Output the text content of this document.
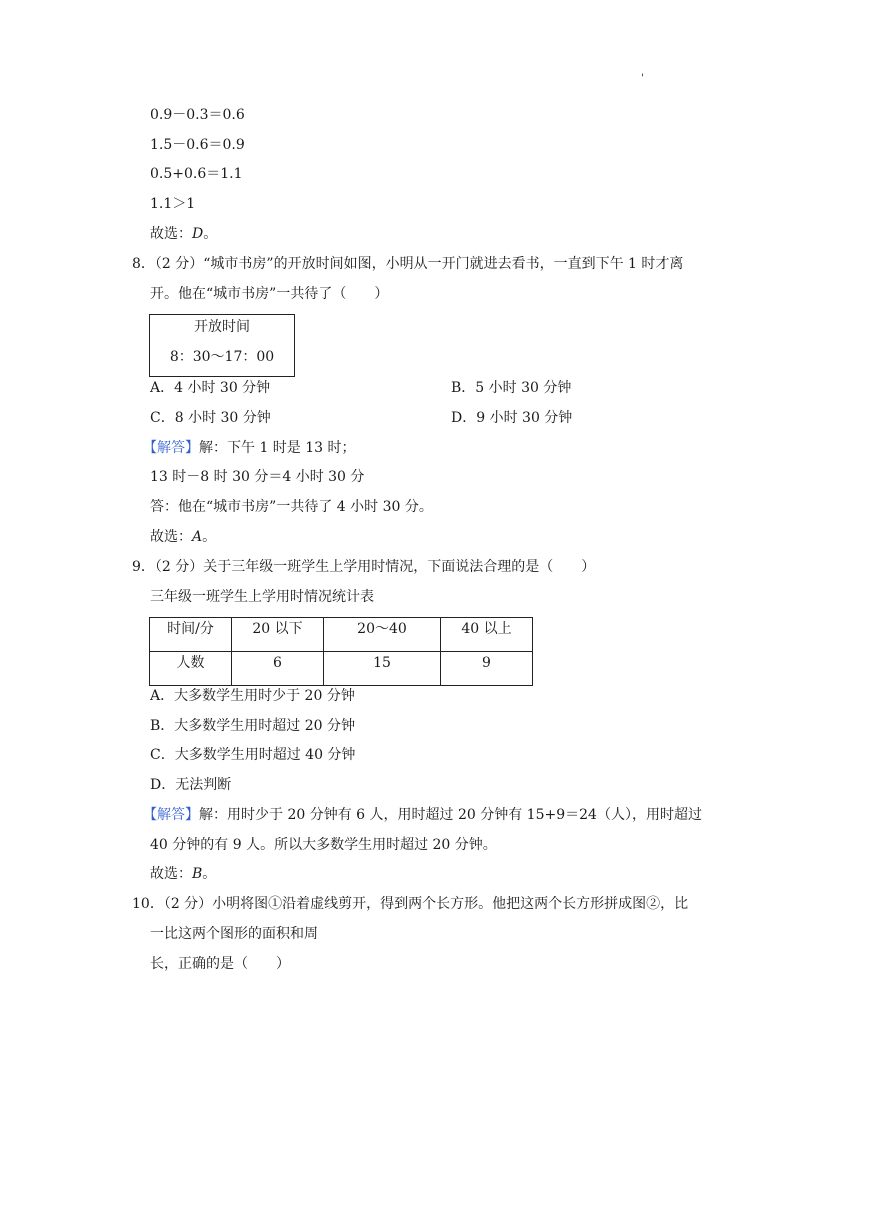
'
0.9－0.3＝0.6
1.5－0.6＝0.9
0.5+0.6＝1.1
1.1＞1
故选：D。
8．（2 分）“城市书房”的开放时间如图，小明从一开门就进去看书，一直到下午 1 时才离
开。他在“城市书房”一共待了（　　）
开放时间
8：30～17：00
A．4 小时 30 分钟	B．5 小时 30 分钟
C．8 小时 30 分钟	D．9 小时 30 分钟
【解答】解：下午 1 时是 13 时；
13 时－8 时 30 分＝4 小时 30 分
答：他在“城市书房”一共待了 4 小时 30 分。
故选：A。
9．（2 分）关于三年级一班学生上学用时情况，下面说法合理的是（　　）
三年级一班学生上学用时情况统计表
时间/分	20 以下	20～40	40 以上
人数	6	15	9
A．大多数学生用时少于 20 分钟
B．大多数学生用时超过 20 分钟
C．大多数学生用时超过 40 分钟
D．无法判断
【解答】解：用时少于 20 分钟有 6 人，用时超过 20 分钟有 15+9＝24（人），用时超过
40 分钟的有 9 人。所以大多数学生用时超过 20 分钟。
故选：B。
10．（2 分）小明将图①沿着虚线剪开，得到两个长方形。他把这两个长方形拼成图②，比
一比这两个图形的面积和周
长，正确的是（　　）
